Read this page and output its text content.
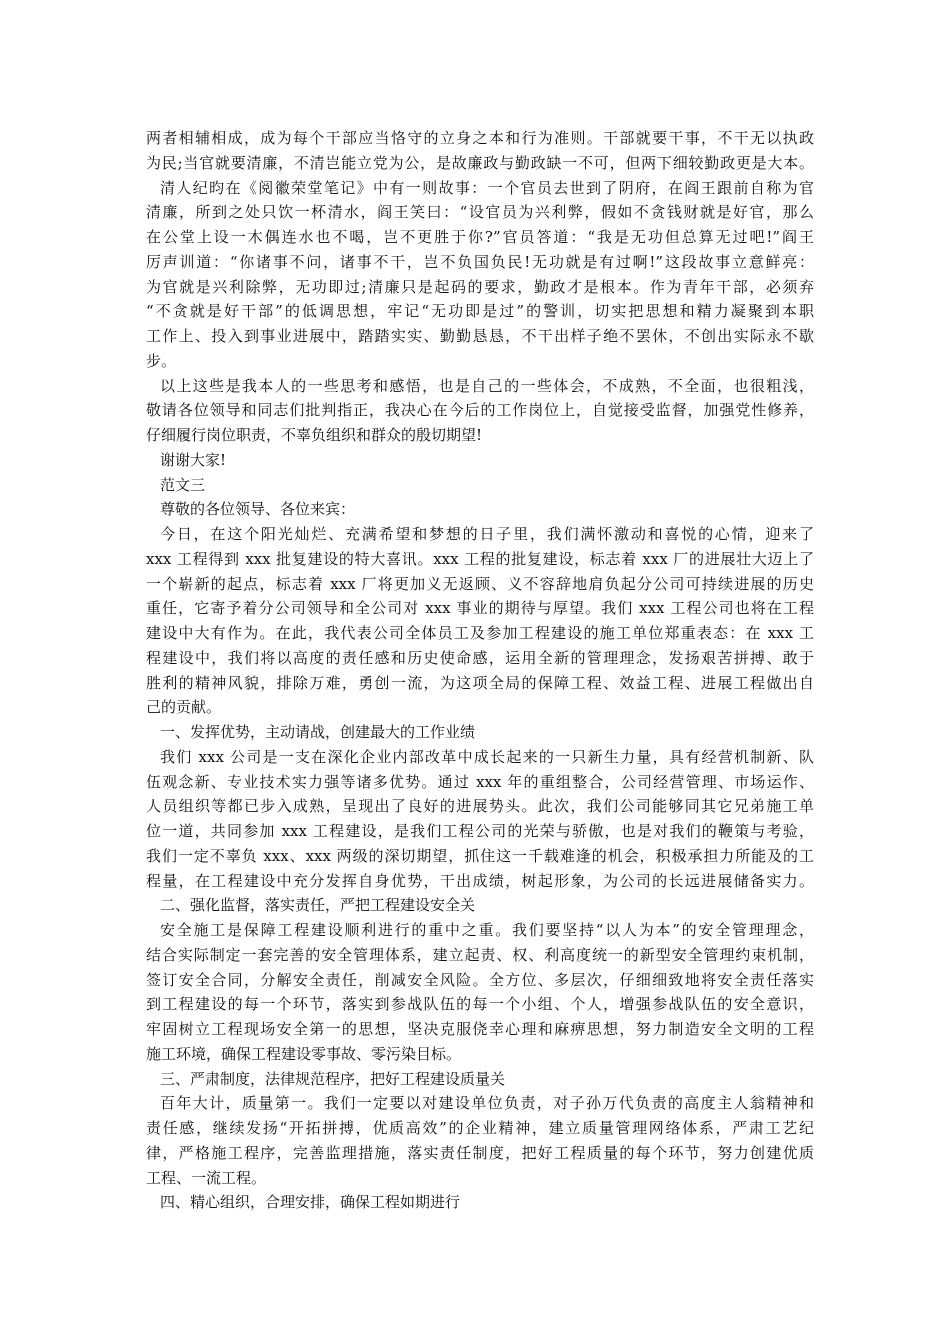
两者相辅相成，成为每个干部应当恪守的立身之本和行为准则。干部就要干事，不干无以执政
为民;当官就要清廉，不清岂能立党为公，是故廉政与勤政缺一不可，但两下细较勤政更是大本。
清人纪昀在《阅徽荣堂笔记》中有一则故事：一个官员去世到了阴府，在阎王跟前自称为官
清廉，所到之处只饮一杯清水，阎王笑曰：“设官员为兴利弊，假如不贪钱财就是好官，那么
在公堂上设一木偶连水也不喝，岂不更胜于你?”官员答道：“我是无功但总算无过吧!”阎王
厉声训道：“你诸事不问，诸事不干，岂不负国负民!无功就是有过啊!”这段故事立意鲜亮：
为官就是兴利除弊，无功即过;清廉只是起码的要求，勤政才是根本。作为青年干部，必须弃
“不贪就是好干部”的低调思想，牢记“无功即是过”的警训，切实把思想和精力凝聚到本职
工作上、投入到事业进展中，踏踏实实、勤勤恳恳，不干出样子绝不罢休，不创出实际永不歇
步。
以上这些是我本人的一些思考和感悟，也是自己的一些体会，不成熟，不全面，也很粗浅，
敬请各位领导和同志们批判指正，我决心在今后的工作岗位上，自觉接受监督，加强党性修养，
仔细履行岗位职责，不辜负组织和群众的殷切期望!
谢谢大家!
范文三
尊敬的各位领导、各位来宾：
今日，在这个阳光灿烂、充满希望和梦想的日子里，我们满怀激动和喜悦的心情，迎来了
xxx 工程得到 xxx 批复建设的特大喜讯。xxx 工程的批复建设，标志着 xxx 厂的进展壮大迈上了
一个崭新的起点，标志着 xxx 厂将更加义无返顾、义不容辞地肩负起分公司可持续进展的历史
重任，它寄予着分公司领导和全公司对 xxx 事业的期待与厚望。我们 xxx 工程公司也将在工程
建设中大有作为。在此，我代表公司全体员工及参加工程建设的施工单位郑重表态：在 xxx 工
程建设中，我们将以高度的责任感和历史使命感，运用全新的管理理念，发扬艰苦拼搏、敢于
胜利的精神风貌，排除万难，勇创一流，为这项全局的保障工程、效益工程、进展工程做出自
己的贡献。
一、发挥优势，主动请战，创建最大的工作业绩
我们 xxx 公司是一支在深化企业内部改革中成长起来的一只新生力量，具有经营机制新、队
伍观念新、专业技术实力强等诸多优势。通过 xxx 年的重组整合，公司经营管理、市场运作、
人员组织等都已步入成熟，呈现出了良好的进展势头。此次，我们公司能够同其它兄弟施工单
位一道，共同参加 xxx 工程建设，是我们工程公司的光荣与骄傲，也是对我们的鞭策与考验，
我们一定不辜负 xxx、xxx 两级的深切期望，抓住这一千载难逢的机会，积极承担力所能及的工
程量，在工程建设中充分发挥自身优势，干出成绩，树起形象，为公司的长远进展储备实力。
二、强化监督，落实责任，严把工程建设安全关
安全施工是保障工程建设顺利进行的重中之重。我们要坚持“以人为本”的安全管理理念，
结合实际制定一套完善的安全管理体系，建立起责、权、利高度统一的新型安全管理约束机制，
签订安全合同，分解安全责任，削减安全风险。全方位、多层次，仔细细致地将安全责任落实
到工程建设的每一个环节，落实到参战队伍的每一个小组、个人，增强参战队伍的安全意识，
牢固树立工程现场安全第一的思想，坚决克服侥幸心理和麻痹思想，努力制造安全文明的工程
施工环境，确保工程建设零事故、零污染目标。
三、严肃制度，法律规范程序，把好工程建设质量关
百年大计，质量第一。我们一定要以对建设单位负责，对子孙万代负责的高度主人翁精神和
责任感，继续发扬“开拓拼搏，优质高效”的企业精神，建立质量管理网络体系，严肃工艺纪
律，严格施工程序，完善监理措施，落实责任制度，把好工程质量的每个环节，努力创建优质
工程、一流工程。
四、精心组织，合理安排，确保工程如期进行
